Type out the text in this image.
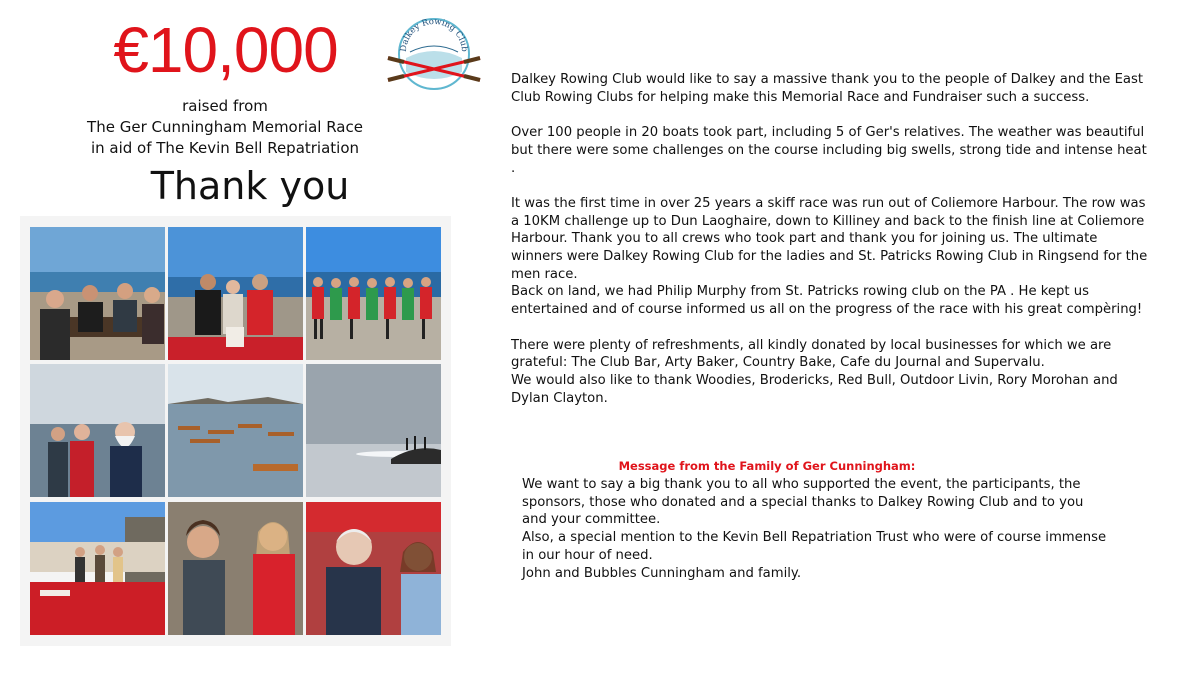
€10,000
raised from
The Ger Cunningham Memorial Race
in aid of The Kevin Bell Repatriation
Thank you
Dalkey Rowing Club

Dalkey Rowing Club would like to say a massive thank you to the people of Dalkey and the East Club Rowing Clubs for helping make this Memorial Race and Fundraiser such a success.

Over 100 people in 20 boats took part, including 5 of Ger's relatives. The weather was beautiful but there were some challenges on the course including big swells, strong tide and intense heat .

It was the first time in over 25 years a skiff race was run out of Coliemore Harbour. The row was a 10KM challenge up to Dun Laoghaire, down to Killiney and back to the finish line at Coliemore Harbour. Thank you to all crews who took part and thank you for joining us. The ultimate winners were Dalkey Rowing Club for the ladies and St. Patricks Rowing Club in Ringsend for the men race.

Back on land, we had Philip Murphy from St. Patricks rowing club on the PA . He kept us entertained and of course informed us all on the progress of the race with his great compèring!

There were plenty of refreshments, all kindly donated by local businesses for which we are grateful: The Club Bar, Arty Baker, Country Bake, Cafe du Journal and Supervalu.

We would also like to thank Woodies, Brodericks, Red Bull, Outdoor Livin, Rory Morohan and Dylan Clayton.

Message from the Family of Ger Cunningham:

We want to say a big thank you to all who supported the event, the participants, the sponsors, those who donated and a special thanks to Dalkey Rowing Club and to you and your committee.

Also, a special mention to the Kevin Bell Repatriation Trust who were of course immense in our hour of need.

John and Bubbles Cunningham and family.
